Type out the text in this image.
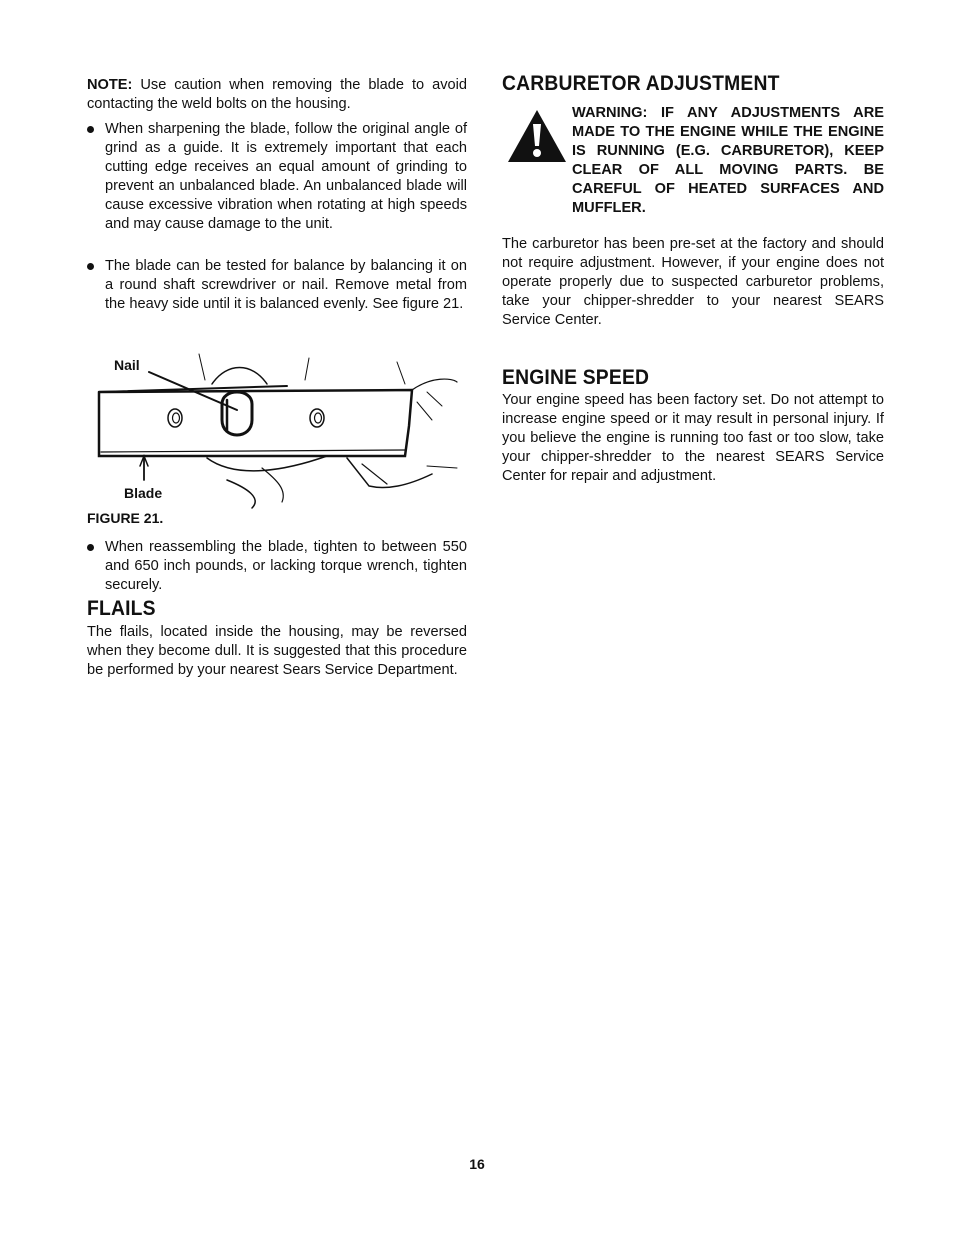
NOTE: Use caution when removing the blade to avoid contacting the weld bolts on the housing.

When sharpening the blade, follow the original angle of grind as a guide. It is extremely important that each cutting edge receives an equal amount of grinding to prevent an unbalanced blade. An unbalanced blade will cause excessive vibration when rotating at high speeds and may cause damage to the unit.

The blade can be tested for balance by balancing it on a round shaft screwdriver or nail. Remove metal from the heavy side until it is balanced evenly. See figure 21.

Nail
Blade
FIGURE 21.

When reassembling the blade, tighten to between 550 and 650 inch pounds, or lacking torque wrench, tighten securely.

FLAILS

The flails, located inside the housing, may be reversed when they become dull. It is suggested that this procedure be performed by your nearest Sears Service Department.

CARBURETOR ADJUSTMENT
WARNING: IF ANY ADJUSTMENTS ARE MADE TO THE ENGINE WHILE THE ENGINE IS RUNNING (E.G. CARBURETOR), KEEP CLEAR OF ALL MOVING PARTS. BE CAREFUL OF HEATED SURFACES AND MUFFLER.

The carburetor has been pre-set at the factory and should not require adjustment. However, if your engine does not operate properly due to suspected carburetor problems, take your chipper-shredder to your nearest SEARS Service Center.

ENGINE SPEED

Your engine speed has been factory set. Do not attempt to increase engine speed or it may result in personal injury. If you believe the engine is running too fast or too slow, take your chipper-shredder to the nearest SEARS Service Center for repair and adjustment.

16
